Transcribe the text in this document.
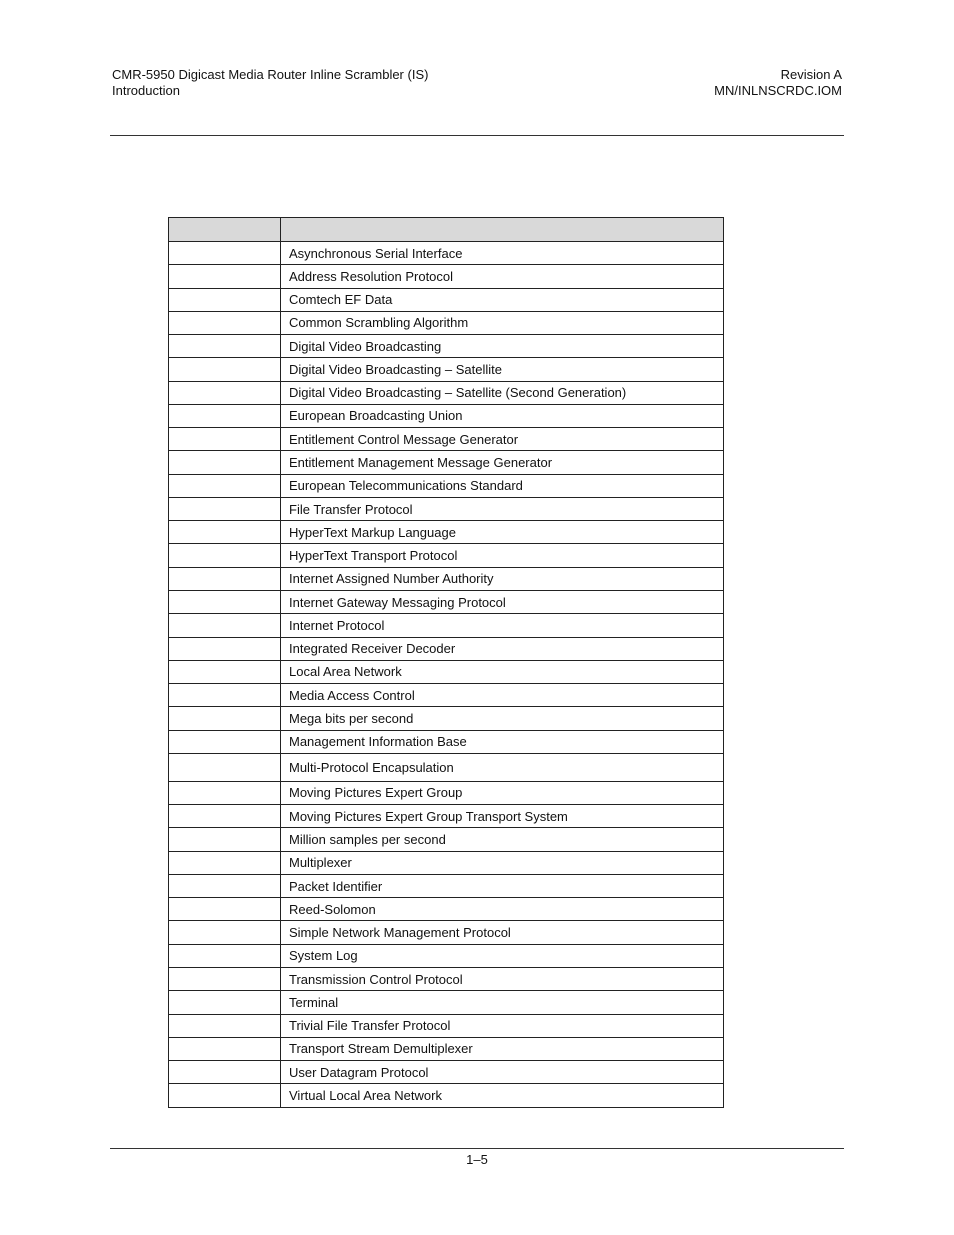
CMR-5950 Digicast Media Router Inline Scrambler (IS)
Introduction
Revision A
MN/INLNSCRDC.IOM

	Asynchronous Serial Interface
	Address Resolution Protocol
	Comtech EF Data
	Common Scrambling Algorithm
	Digital Video Broadcasting
	Digital Video Broadcasting – Satellite
	Digital Video Broadcasting – Satellite (Second Generation)
	European Broadcasting Union
	Entitlement Control Message Generator
	Entitlement Management Message Generator
	European Telecommunications Standard
	File Transfer Protocol
	HyperText Markup Language
	HyperText Transport Protocol
	Internet Assigned Number Authority
	Internet Gateway Messaging Protocol
	Internet Protocol
	Integrated Receiver Decoder
	Local Area Network
	Media Access Control
	Mega bits per second
	Management Information Base
	Multi-Protocol Encapsulation
	Moving Pictures Expert Group
	Moving Pictures Expert Group Transport System
	Million samples per second
	Multiplexer
	Packet Identifier
	Reed-Solomon
	Simple Network Management Protocol
	System Log
	Transmission Control Protocol
	Terminal
	Trivial File Transfer Protocol
	Transport Stream Demultiplexer
	User Datagram Protocol
	Virtual Local Area Network
1–5
